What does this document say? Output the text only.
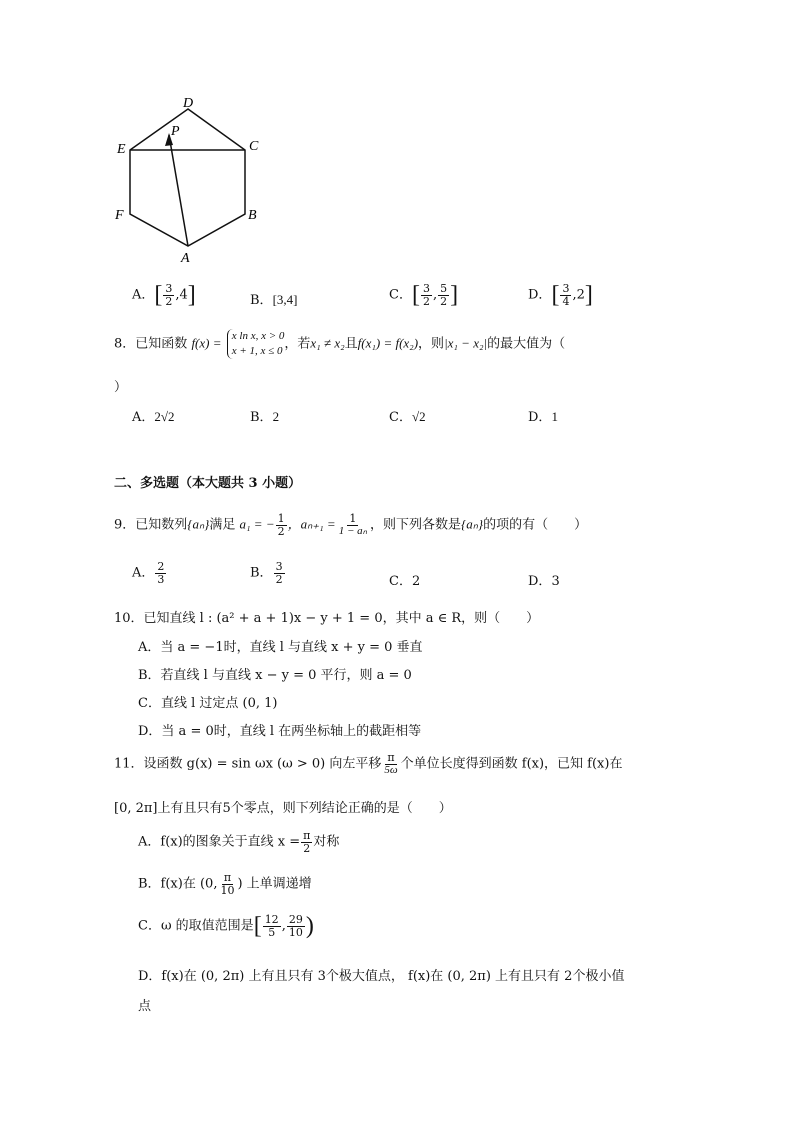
D
P
E	C
F	B
A
A．[ $\frac{3}{2} ,4$]	B．[3,4]	C．[ $\frac{3}{2}$ , $\frac{5}{2}$ ]	D．[ $\frac{3}{4} ,2$]
8．已知函数 f(x) = x ln x, x > 0
x + 1, x ≤ 0 ，若x₁ ≠ x₂且f(x₁) = f(x₂)，则|x₁ − x₂|的最大值为（
）
A．2√2	B．2	C．√2	D．1
二、多选题（本大题共 3 小题）
9．已知数列{aₙ}满足 a₁ = − $\frac{1}{2}$ ，$a_{n+1} = \frac{1}{\text{1 − aₙ}}$ ，则下列各数是{aₙ}的项的有（　　）
A． $\frac{2}{3}$	B． $\frac{3}{2}$	C．2	D．3
10．已知直线 l : (a² + a + 1)x − y + 1 = 0，其中 a ∈ R，则（　　）
A．当 a = −1时，直线 l 与直线 x + y = 0 垂直
B．若直线 l 与直线 x − y = 0 平行，则 a = 0
C．直线 l 过定点 (0, 1)
D．当 a = 0时，直线 l 在两坐标轴上的截距相等
11．设函数 g(x) = sin ωx (ω > 0) 向左平移 $\frac{\pi}{5\omega}$ 个单位长度得到函数 f(x)，已知 f(x)在
[0, 2π]上有且只有5个零点，则下列结论正确的是（　　）
A．f(x)的图象关于直线 $x = \frac{\pi}{2}$ 对称
B．f(x)在 (0, $\frac{\pi}{10}$ ) 上单调递增
C．ω 的取值范围是[ $\frac{12}{5}$ , $\frac{29}{10}$ )
D．f(x)在 (0, 2π) 上有且只有 3个极大值点， f(x)在 (0, 2π) 上有且只有 2个极小值
点
